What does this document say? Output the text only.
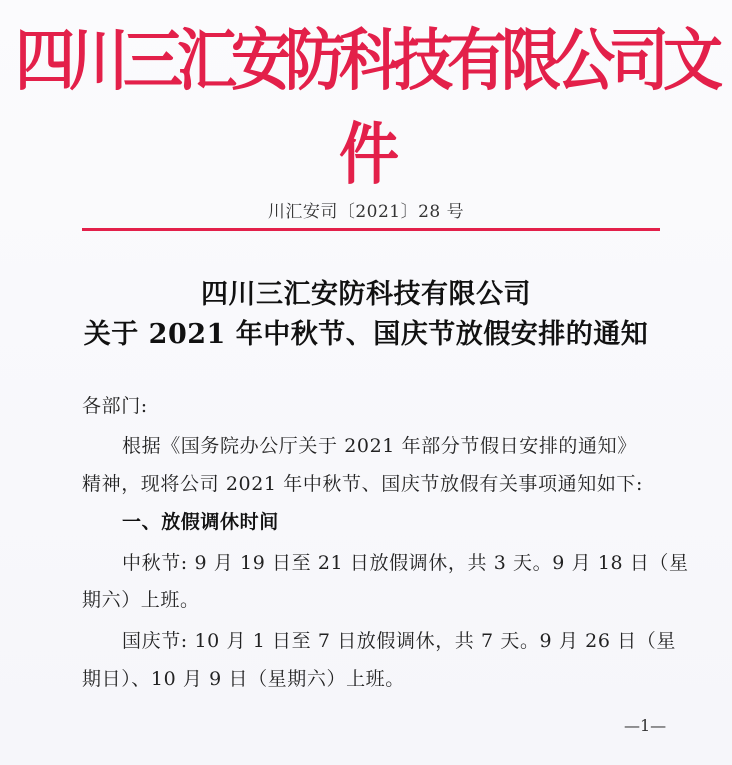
四川三汇安防科技有限公司文件
川汇安司〔2021〕28 号
四川三汇安防科技有限公司
关于 2021 年中秋节、国庆节放假安排的通知
各部门:
根据《国务院办公厅关于 2021 年部分节假日安排的通知》
精神，现将公司 2021 年中秋节、国庆节放假有关事项通知如下:
一、放假调休时间
中秋节: 9 月 19 日至 21 日放假调休，共 3 天。9 月 18 日（星
期六）上班。
国庆节: 10 月 1 日至 7 日放假调休，共 7 天。9 月 26 日（星
期日）、10 月 9 日（星期六）上班。
—1—
